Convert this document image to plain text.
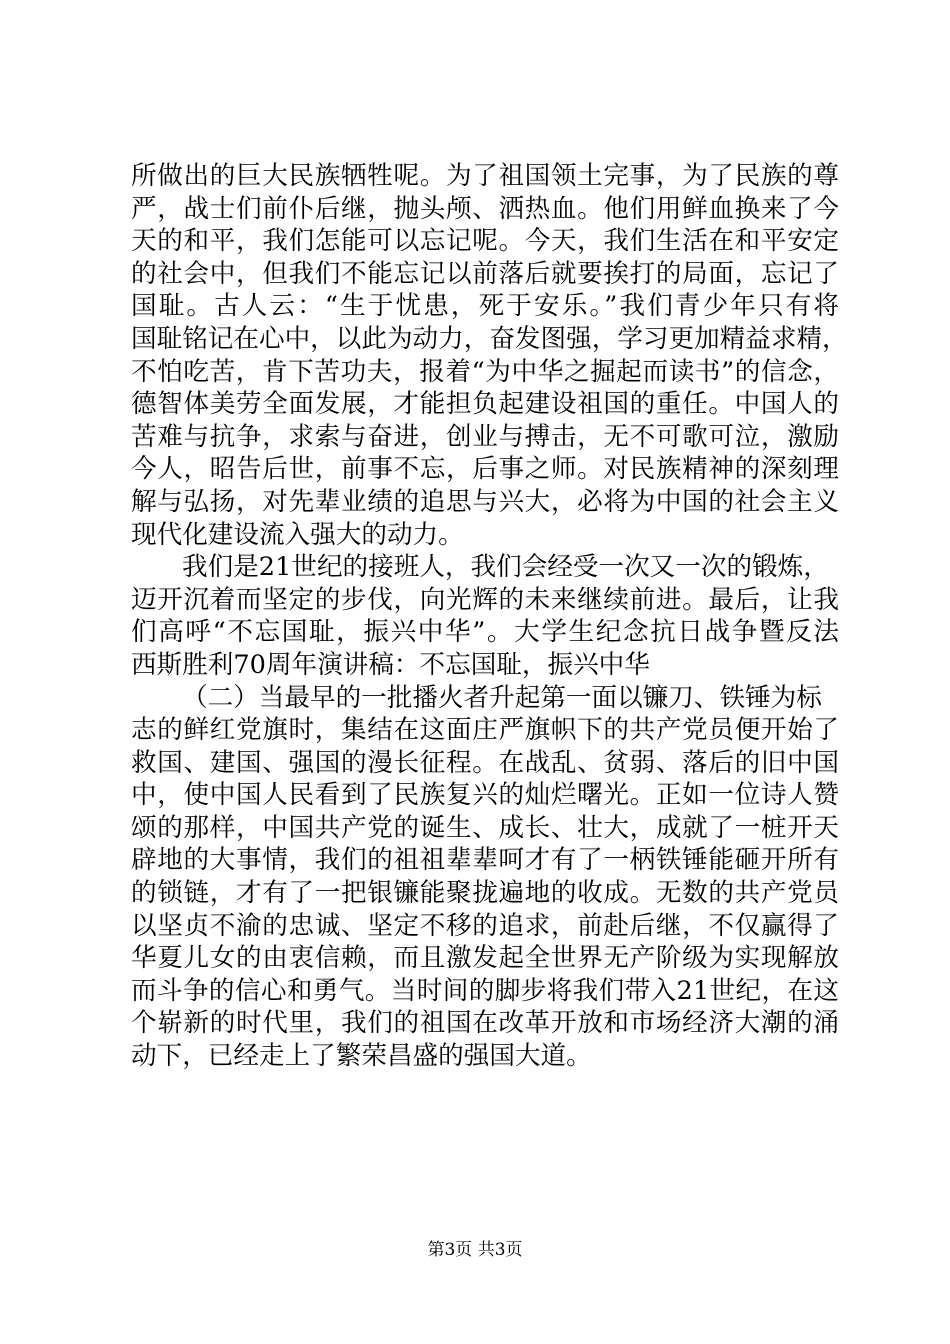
所做出的巨大民族牺牲呢。为了祖国领土完事，为了民族的尊
严，战士们前仆后继，抛头颅、洒热血。他们用鲜血换来了今
天的和平，我们怎能可以忘记呢。今天，我们生活在和平安定
的社会中，但我们不能忘记以前落后就要挨打的局面，忘记了
国耻。古人云：“生于忧患，死于安乐。”我们青少年只有将
国耻铭记在心中，以此为动力，奋发图强，学习更加精益求精，
不怕吃苦，肯下苦功夫，报着“为中华之掘起而读书”的信念，
德智体美劳全面发展，才能担负起建设祖国的重任。中国人的
苦难与抗争，求索与奋进，创业与搏击，无不可歌可泣，激励
今人，昭告后世，前事不忘，后事之师。对民族精神的深刻理
解与弘扬，对先辈业绩的追思与兴大，必将为中国的社会主义
现代化建设流入强大的动力。
我们是21世纪的接班人，我们会经受一次又一次的锻炼，
迈开沉着而坚定的步伐，向光辉的未来继续前进。最后，让我
们高呼“不忘国耻，振兴中华”。大学生纪念抗日战争暨反法
西斯胜利70周年演讲稿：不忘国耻，振兴中华
（二）当最早的一批播火者升起第一面以镰刀、铁锤为标
志的鲜红党旗时，集结在这面庄严旗帜下的共产党员便开始了
救国、建国、强国的漫长征程。在战乱、贫弱、落后的旧中国
中，使中国人民看到了民族复兴的灿烂曙光。正如一位诗人赞
颂的那样，中国共产党的诞生、成长、壮大，成就了一桩开天
辟地的大事情，我们的祖祖辈辈呵才有了一柄铁锤能砸开所有
的锁链，才有了一把银镰能聚拢遍地的收成。无数的共产党员
以坚贞不渝的忠诚、坚定不移的追求，前赴后继，不仅赢得了
华夏儿女的由衷信赖，而且激发起全世界无产阶级为实现解放
而斗争的信心和勇气。当时间的脚步将我们带入21世纪，在这
个崭新的时代里，我们的祖国在改革开放和市场经济大潮的涌
动下，已经走上了繁荣昌盛的强国大道。
第3页 共3页
